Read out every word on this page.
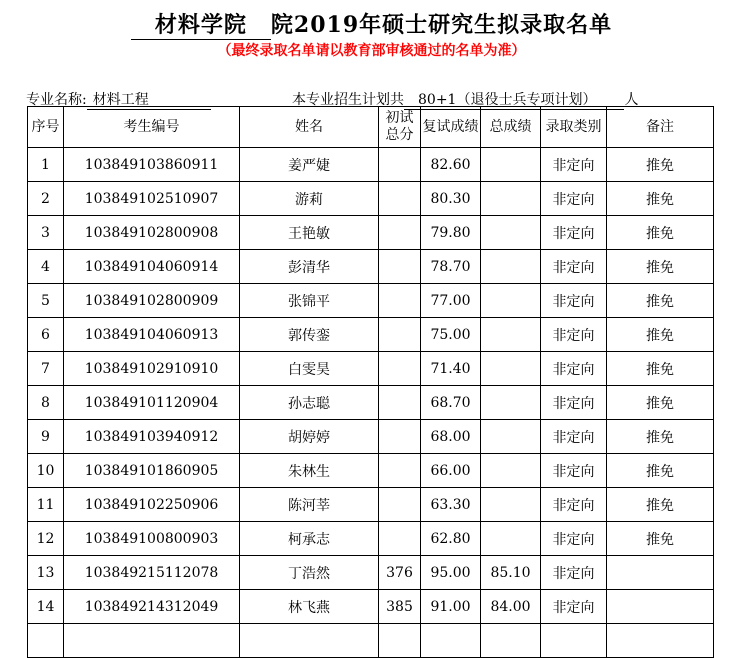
材料学院 院2019年硕士研究生拟录取名单
（最终录取名单请以教育部审核通过的名单为准）
专业名称: 材料工程	本专业招生计划共 80+1（退役士兵专项计划） 人
序号	考生编号	姓名	初试总分	复试成绩	总成绩	录取类别	备注
1	103849103860911	姜严婕		82.60		非定向	推免
2	103849102510907	游莉		80.30		非定向	推免
3	103849102800908	王艳敏		79.80		非定向	推免
4	103849104060914	彭清华		78.70		非定向	推免
5	103849102800909	张锦平		77.00		非定向	推免
6	103849104060913	郭传銮		75.00		非定向	推免
7	103849102910910	白雯昊		71.40		非定向	推免
8	103849101120904	孙志聪		68.70		非定向	推免
9	103849103940912	胡婷婷		68.00		非定向	推免
10	103849101860905	朱林生		66.00		非定向	推免
11	103849102250906	陈河莘		63.30		非定向	推免
12	103849100800903	柯承志		62.80		非定向	推免
13	103849215112078	丁浩然	376	95.00	85.10	非定向	
14	103849214312049	林飞燕	385	91.00	84.00	非定向	
